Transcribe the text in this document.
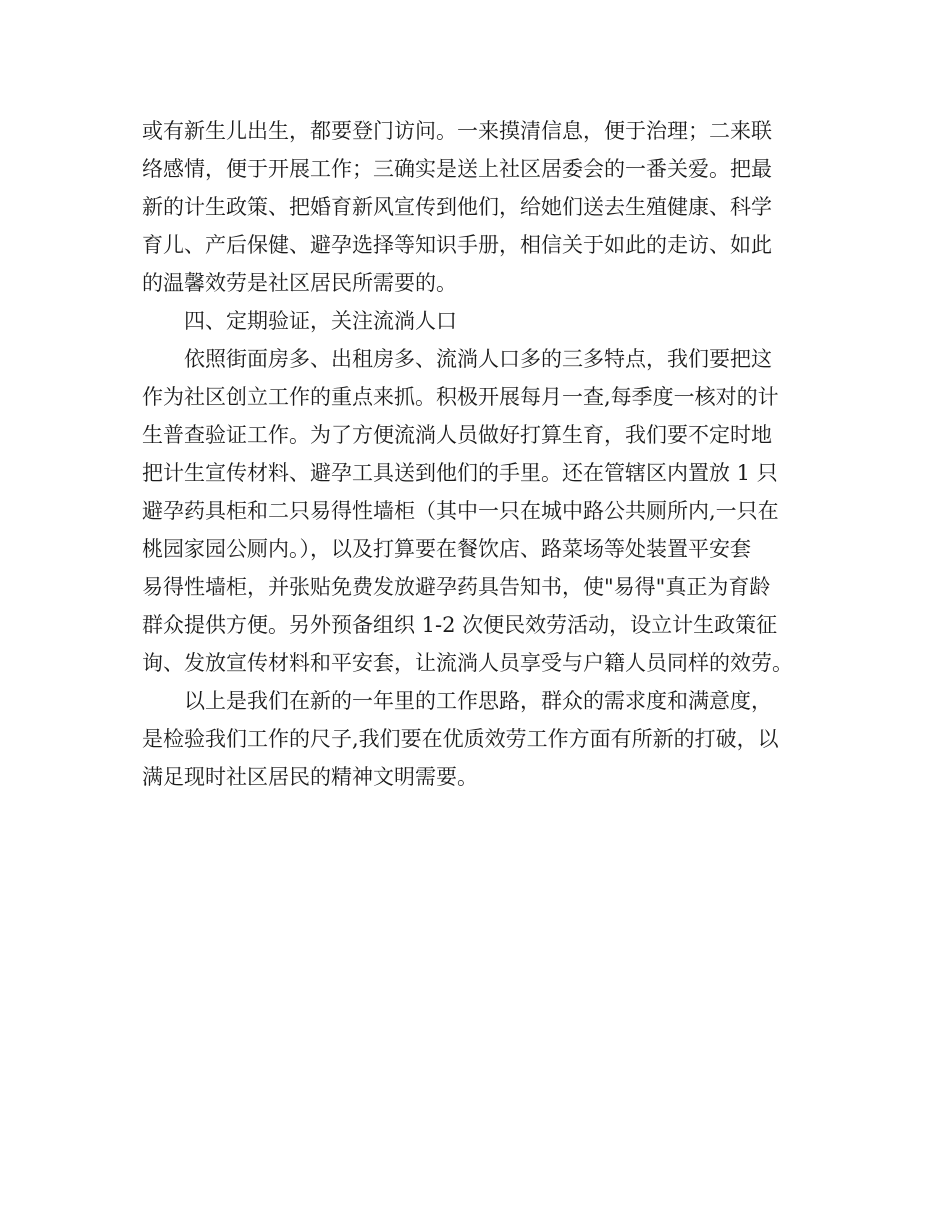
或有新生儿出生，都要登门访问。一来摸清信息，便于治理；二来联
络感情，便于开展工作；三确实是送上社区居委会的一番关爱。把最
新的计生政策、把婚育新风宣传到他们，给她们送去生殖健康、科学
育儿、产后保健、避孕选择等知识手册，相信关于如此的走访、如此
的温馨效劳是社区居民所需要的。
四、定期验证，关注流淌人口
依照街面房多、出租房多、流淌人口多的三多特点，我们要把这
作为社区创立工作的重点来抓。积极开展每月一查,每季度一核对的计
生普查验证工作。为了方便流淌人员做好打算生育，我们要不定时地
把计生宣传材料、避孕工具送到他们的手里。还在管辖区内置放 1 只
避孕药具柜和二只易得性墙柜（其中一只在城中路公共厕所内,一只在
桃园家园公厕内。），以及打算要在餐饮店、路菜场等处装置平安套
易得性墙柜，并张贴免费发放避孕药具告知书，使"易得"真正为育龄
群众提供方便。另外预备组织 1-2 次便民效劳活动，设立计生政策征
询、发放宣传材料和平安套，让流淌人员享受与户籍人员同样的效劳。
以上是我们在新的一年里的工作思路，群众的需求度和满意度，
是检验我们工作的尺子,我们要在优质效劳工作方面有所新的打破，以
满足现时社区居民的精神文明需要。
